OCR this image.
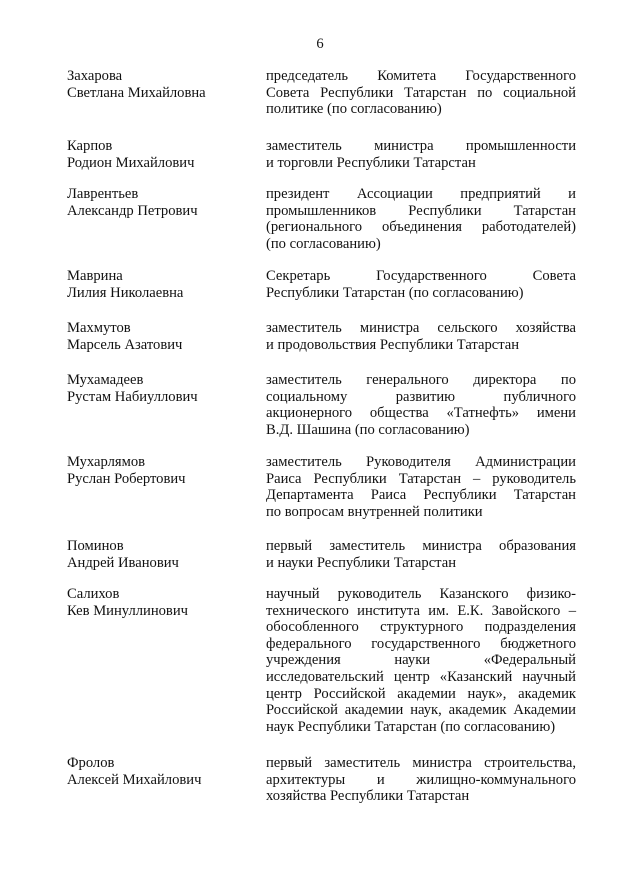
6
Захарова
Светлана Михайловна
председатель Комитета Государственного
Совета Республики Татарстан по социальной
политике (по согласованию)
Карпов
Родион Михайлович
заместитель министра промышленности
и торговли Республики Татарстан
Лаврентьев
Александр Петрович
президент Ассоциации предприятий и
промышленников Республики Татарстан
(регионального объединения работодателей)
(по согласованию)
Маврина
Лилия Николаевна
Секретарь Государственного Совета
Республики Татарстан (по согласованию)
Махмутов
Марсель Азатович
заместитель министра сельского хозяйства
и продовольствия Республики Татарстан
Мухамадеев
Рустам Набиуллович
заместитель генерального директора по
социальному развитию публичного
акционерного общества «Татнефть» имени
В.Д. Шашина (по согласованию)
Мухарлямов
Руслан Робертович
заместитель Руководителя Администрации
Раиса Республики Татарстан – руководитель
Департамента Раиса Республики Татарстан
по вопросам внутренней политики
Поминов
Андрей Иванович
первый заместитель министра образования
и науки Республики Татарстан
Салихов
Кев Минуллинович
научный руководитель Казанского физико-
технического института им. Е.К. Завойского –
обособленного структурного подразделения
федерального государственного бюджетного
учреждения науки «Федеральный
исследовательский центр «Казанский научный
центр Российской академии наук», академик
Российской академии наук, академик Академии
наук Республики Татарстан (по согласованию)
Фролов
Алексей Михайлович
первый заместитель министра строительства,
архитектуры и жилищно-коммунального
хозяйства Республики Татарстан
